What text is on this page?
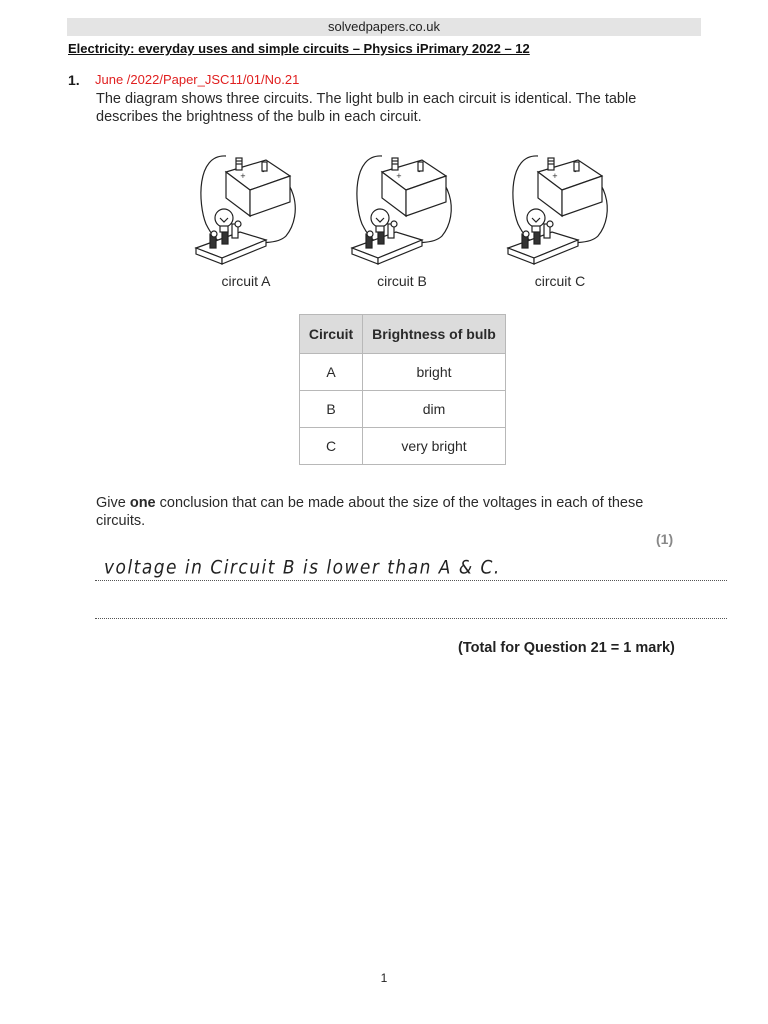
solvedpapers.co.uk
Electricity: everyday uses and simple circuits – Physics iPrimary 2022 – 12
1. June /2022/Paper_JSC11/01/No.21
The diagram shows three circuits. The light bulb in each circuit is identical. The table describes the brightness of the bulb in each circuit.
circuit A	circuit B	circuit C
Circuit	Brightness of bulb
A	bright
B	dim
C	very bright
Give one conclusion that can be made about the size of the voltages in each of these circuits.
(1)
voltage in Circuit B is lower than A & C.
(Total for Question 21 = 1 mark)
1
